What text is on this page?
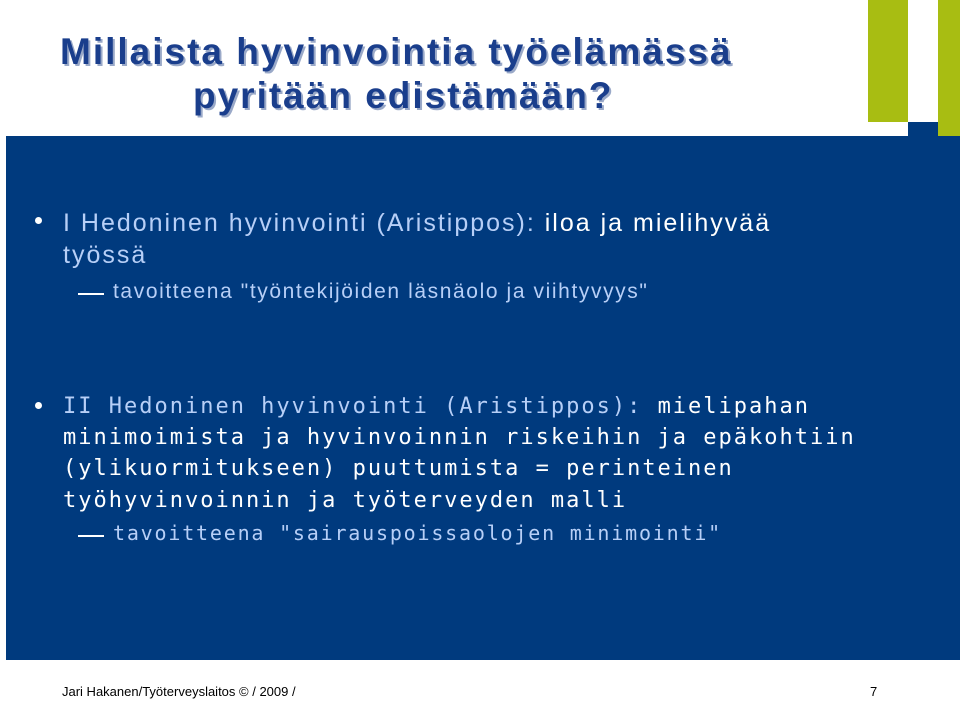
Millaista hyvinvointia työelämässä
pyritään edistämään?
I Hedoninen hyvinvointi (Aristippos): iloa ja mielihyvää
työssä
tavoitteena "työntekijöiden läsnäolo ja viihtyvyys"
II Hedoninen hyvinvointi (Aristippos): mielipahan
minimoimista ja hyvinvoinnin riskeihin ja epäkohtiin
(ylikuormitukseen) puuttumista = perinteinen
työhyvinvoinnin ja työterveyden malli
tavoitteena "sairauspoissaolojen minimointi"
Jari Hakanen/Työterveyslaitos © / 2009 /	7
